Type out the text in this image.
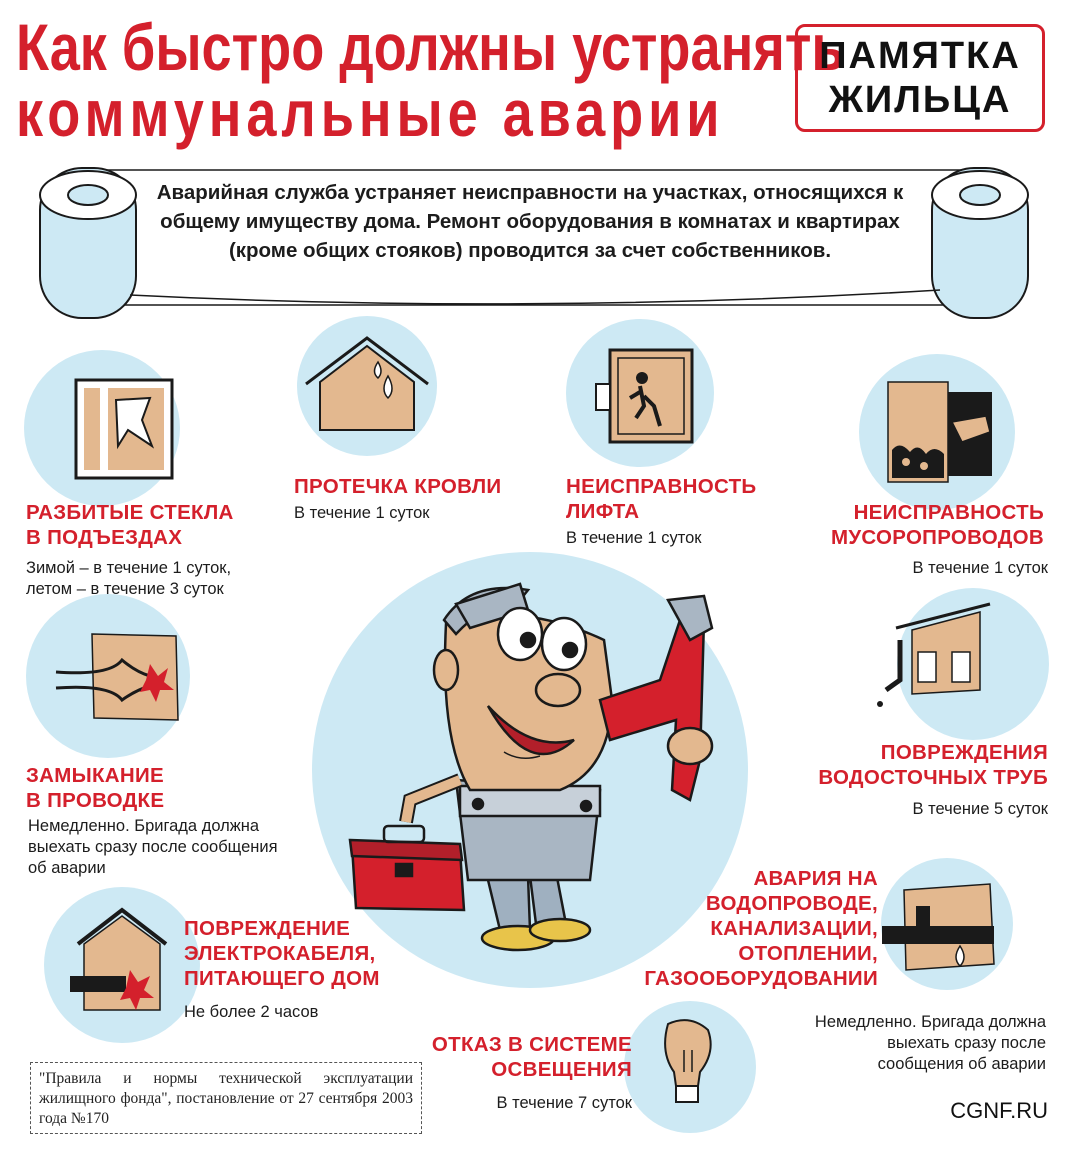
Как быстро должны устранять
коммунальные аварии
ПАМЯТКА
ЖИЛЬЦА
Аварийная служба устраняет неисправности на участках, относящихся к общему имуществу дома. Ремонт оборудования в комнатах и квартирах (кроме общих стояков) проводится за счет собственников.
РАЗБИТЫЕ СТЕКЛА
В ПОДЪЕЗДАХ
Зимой – в течение 1 суток,
летом – в течение 3 суток
ПРОТЕЧКА КРОВЛИ
В течение 1 суток
НЕИСПРАВНОСТЬ
ЛИФТА
В течение 1 суток
НЕИСПРАВНОСТЬ
МУСОРОПРОВОДОВ
В течение 1 суток
ЗАМЫКАНИЕ
В ПРОВОДКЕ
Немедленно. Бригада должна
выехать сразу после сообщения
об аварии
ПОВРЕЖДЕНИЯ
ВОДОСТОЧНЫХ ТРУБ
В течение 5 суток
ПОВРЕЖДЕНИЕ
ЭЛЕКТРОКАБЕЛЯ,
ПИТАЮЩЕГО ДОМ
Не более 2 часов
АВАРИЯ НА
ВОДОПРОВОДЕ,
КАНАЛИЗАЦИИ,
ОТОПЛЕНИИ,
ГАЗООБОРУДОВАНИИ
Немедленно. Бригада должна
выехать сразу после
сообщения об аварии
ОТКАЗ В СИСТЕМЕ
ОСВЕЩЕНИЯ
В течение 7 суток
"Правила и нормы технической эксплуатации жилищного фонда", постановление от 27 сентября 2003 года №170	CGNF.RU
